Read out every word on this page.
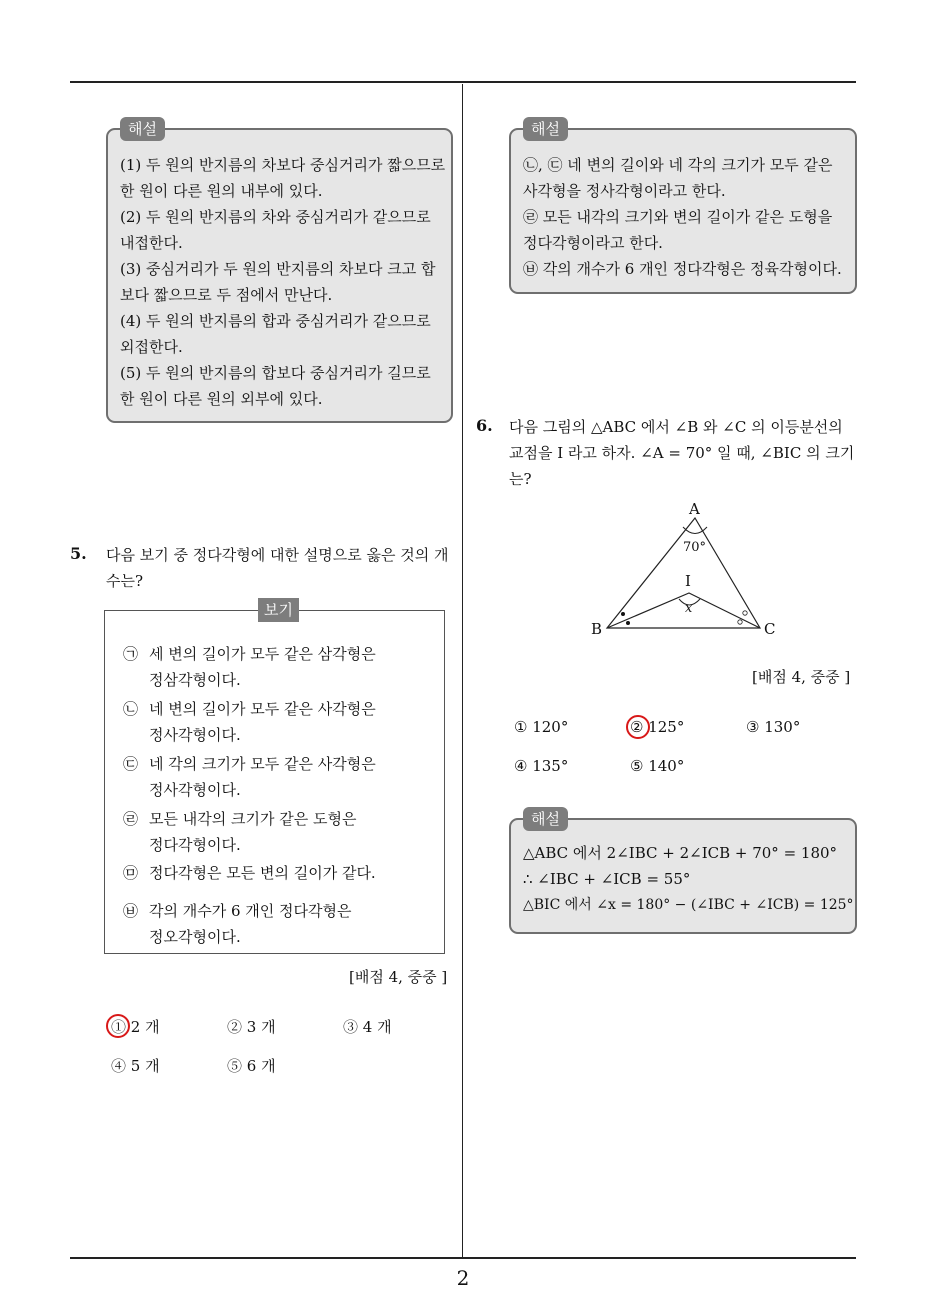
2
해설
(1) 두 원의 반지름의 차보다 중심거리가 짧으므로
한 원이 다른 원의 내부에 있다.
(2) 두 원의 반지름의 차와 중심거리가 같으므로
내접한다.
(3) 중심거리가 두 원의 반지름의 차보다 크고 합
보다 짧으므로 두 점에서 만난다.
(4) 두 원의 반지름의 합과 중심거리가 같으므로
외접한다.
(5) 두 원의 반지름의 합보다 중심거리가 길므로
한 원이 다른 원의 외부에 있다.
5. 다음 보기 중 정다각형에 대한 설명으로 옳은 것의 개
수는?
보기
㉠ 세 변의 길이가 모두 같은 삼각형은
정삼각형이다.
㉡ 네 변의 길이가 모두 같은 사각형은
정사각형이다.
㉢ 네 각의 크기가 모두 같은 사각형은
정사각형이다.
㉣ 모든 내각의 크기가 같은 도형은
정다각형이다.
㉤ 정다각형은 모든 변의 길이가 같다.
㉥ 각의 개수가 6 개인 정다각형은
정오각형이다.
[배점 4, 중중 ]
① 2 개	② 3 개	③ 4 개
④ 5 개	⑤ 6 개
해설
㉡, ㉢ 네 변의 길이와 네 각의 크기가 모두 같은
사각형을 정사각형이라고 한다.
㉣ 모든 내각의 크기와 변의 길이가 같은 도형을
정다각형이라고 한다.
㉥ 각의 개수가 6 개인 정다각형은 정육각형이다.
6. 다음 그림의 △ABC 에서 ∠B 와 ∠C 의 이등분선의
교점을 I 라고 하자. ∠A = 70° 일 때, ∠BIC 의 크기
는?
A
B	C
I
70°
x
[배점 4, 중중 ]
① 120°	② 125°	③ 130°
④ 135°	⑤ 140°
해설
△ABC 에서 2∠IBC + 2∠ICB + 70° = 180°
∴ ∠IBC + ∠ICB = 55°
△BIC 에서 ∠x = 180° − (∠IBC + ∠ICB) = 125°
